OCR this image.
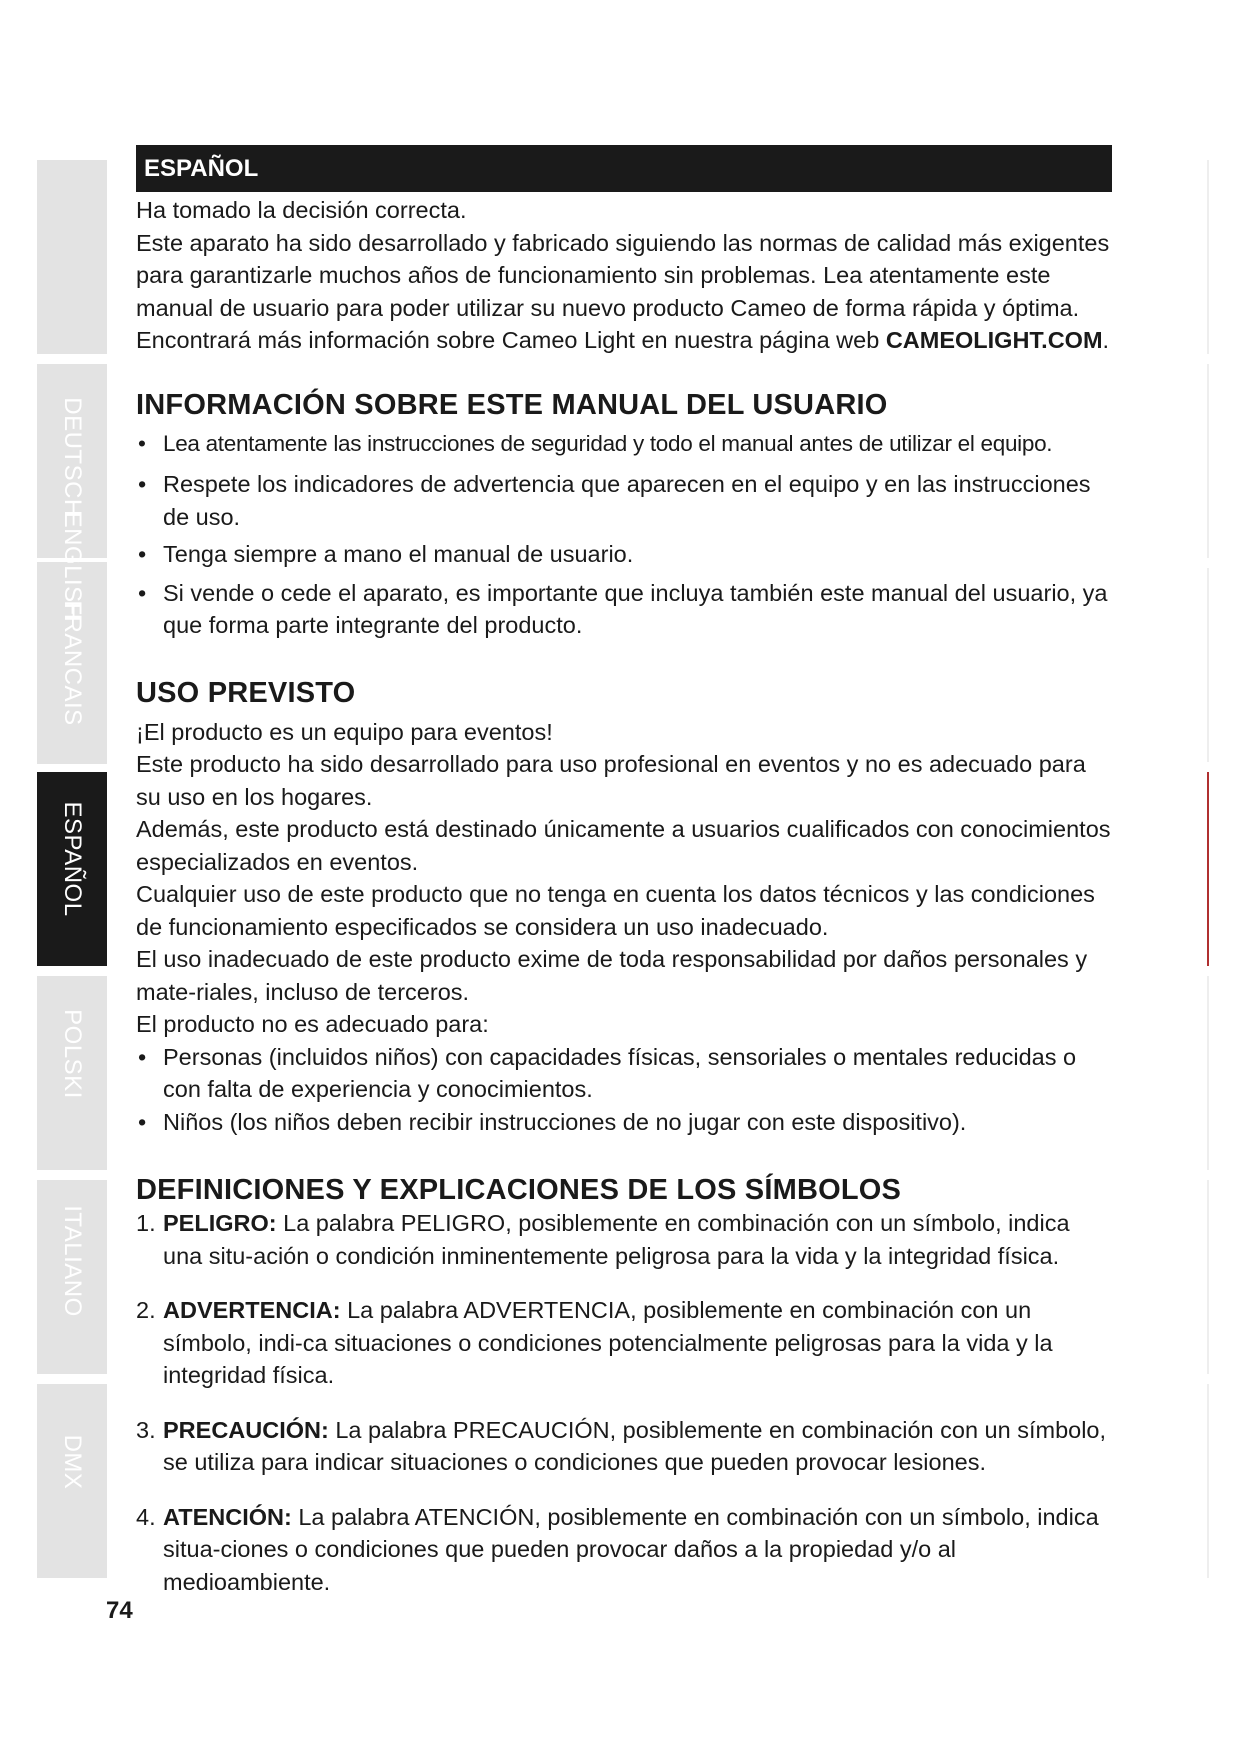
DEUTSCH
FRANCAIS
ESPAÑOL
POLSKI
ITALIANO
DMX
ENGLISH
ESPAÑOL

Ha tomado la decisión correcta.

Este aparato ha sido desarrollado y fabricado siguiendo las normas de calidad más exigentes para garantizarle muchos años de funcionamiento sin problemas. Lea atentamente este manual de usuario para poder utilizar su nuevo producto Cameo de forma rápida y óptima. Encontrará más información sobre Cameo Light en nuestra página web CAMEOLIGHT.COM.

INFORMACIÓN SOBRE ESTE MANUAL DEL USUARIO

• Lea atentamente las instrucciones de seguridad y todo el manual antes de utilizar el equipo.

• Respete los indicadores de advertencia que aparecen en el equipo y en las instrucciones de uso.

• Tenga siempre a mano el manual de usuario.

• Si vende o cede el aparato, es importante que incluya también este manual del usuario, ya que forma parte integrante del producto.

USO PREVISTO

¡El producto es un equipo para eventos!

Este producto ha sido desarrollado para uso profesional en eventos y no es adecuado para su uso en los hogares.

Además, este producto está destinado únicamente a usuarios cualificados con conocimientos especializados en eventos.

Cualquier uso de este producto que no tenga en cuenta los datos técnicos y las condiciones de funcionamiento especificados se considera un uso inadecuado.

El uso inadecuado de este producto exime de toda responsabilidad por daños personales y mate-riales, incluso de terceros.

El producto no es adecuado para:

• Personas (incluidos niños) con capacidades físicas, sensoriales o mentales reducidas o con falta de experiencia y conocimientos.

• Niños (los niños deben recibir instrucciones de no jugar con este dispositivo).

DEFINICIONES Y EXPLICACIONES DE LOS SÍMBOLOS

1. PELIGRO: La palabra PELIGRO, posiblemente en combinación con un símbolo, indica una situ-ación o condición inminentemente peligrosa para la vida y la integridad física.

2. ADVERTENCIA: La palabra ADVERTENCIA, posiblemente en combinación con un símbolo, indi-ca situaciones o condiciones potencialmente peligrosas para la vida y la integridad física.

3. PRECAUCIÓN: La palabra PRECAUCIÓN, posiblemente en combinación con un símbolo, se utiliza para indicar situaciones o condiciones que pueden provocar lesiones.

4. ATENCIÓN: La palabra ATENCIÓN, posiblemente en combinación con un símbolo, indica situa-ciones o condiciones que pueden provocar daños a la propiedad y/o al medioambiente.

74
